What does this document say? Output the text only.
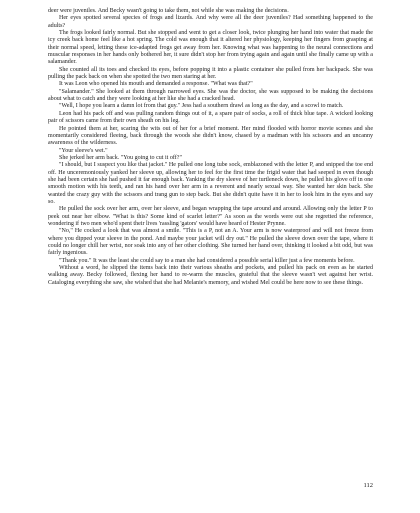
deer were juveniles. And Becky wasn't going to take them, not while she was making the decisions.

Her eyes spotted several species of frogs and lizards. And why were all the deer juveniles? Had something happened to the adults?

The frogs looked fairly normal. But she stopped and went to get a closer look, twice plunging her hand into water that made the icy creek back home feel like a hot spring. The cold was enough that it altered her physiology, keeping her fingers from grasping at their normal speed, letting these ice-adapted frogs get away from her. Knowing what was happening to the neural connections and muscular responses in her hands only bothered her, it sure didn't stop her from trying again and again until she finally came up with a salamander.

She counted all its toes and checked its eyes, before popping it into a plastic container she pulled from her backpack. She was pulling the pack back on when she spotted the two men staring at her.

It was Leon who opened his mouth and demanded a response. "What was that?"

"Salamander." She looked at them through narrowed eyes. She was the doctor, she was supposed to be making the decisions about what to catch and they were looking at her like she had a cracked head.

"Well, I hope you learn a damn lot from that guy." Jess had a southern drawl as long as the day, and a scowl to match.

Leon had his pack off and was pulling random things out of it, a spare pair of socks, a roll of thick blue tape. A wicked looking pair of scissors came from their own sheath on his leg.

He pointed them at her, scaring the wits out of her for a brief moment. Her mind flooded with horror movie scenes and she momentarily considered fleeing, back through the woods she didn't know, chased by a madman with his scissors and an uncanny awareness of the wilderness.

"Your sleeve's wet."

She jerked her arm back. "You going to cut it off?"

"I should, but I suspect you like that jacket." He pulled one long tube sock, emblazoned with the letter P, and snipped the toe end off. He unceremoniously yanked her sleeve up, allowing her to feel for the first time the frigid water that had seeped in even though she had been certain she had pushed it far enough back. Yanking the dry sleeve of her turtleneck down, he pulled his glove off in one smooth motion with his teeth, and ran his hand over her arm in a reverent and nearly sexual way. She wanted her skin back. She wanted the crazy guy with the scissors and trang gun to step back. But she didn't quite have it in her to look him in the eyes and say so.

He pulled the sock over her arm, over her sleeve, and began wrapping the tape around and around. Allowing only the letter P to peek out near her elbow. "What is this? Some kind of scarlet letter?" As soon as the words were out she regretted the reference, wondering if two men who'd spent their lives 'rassling 'gators' would have heard of Hester Prynne.

"No," He cocked a look that was almost a smile. "This is a P, not an A. Your arm is now waterproof and will not freeze from where you dipped your sleeve in the pond. And maybe your jacket will dry out." He pulled the sleeve down over the tape, where it could no longer chill her wrist, nor soak into any of her other clothing. She turned her hand over, thinking it looked a bit odd, but was fairly ingenious.

"Thank you." It was the least she could say to a man she had considered a possible serial killer just a few moments before.

Without a word, he slipped the items back into their various sheaths and pockets, and pulled his pack on even as he started walking away. Becky followed, flexing her hand to re-warm the muscles, grateful that the sleeve wasn't wet against her wrist. Cataloging everything she saw, she wished that she had Melanie's memory, and wished Mel could be here now to see these things.

112
